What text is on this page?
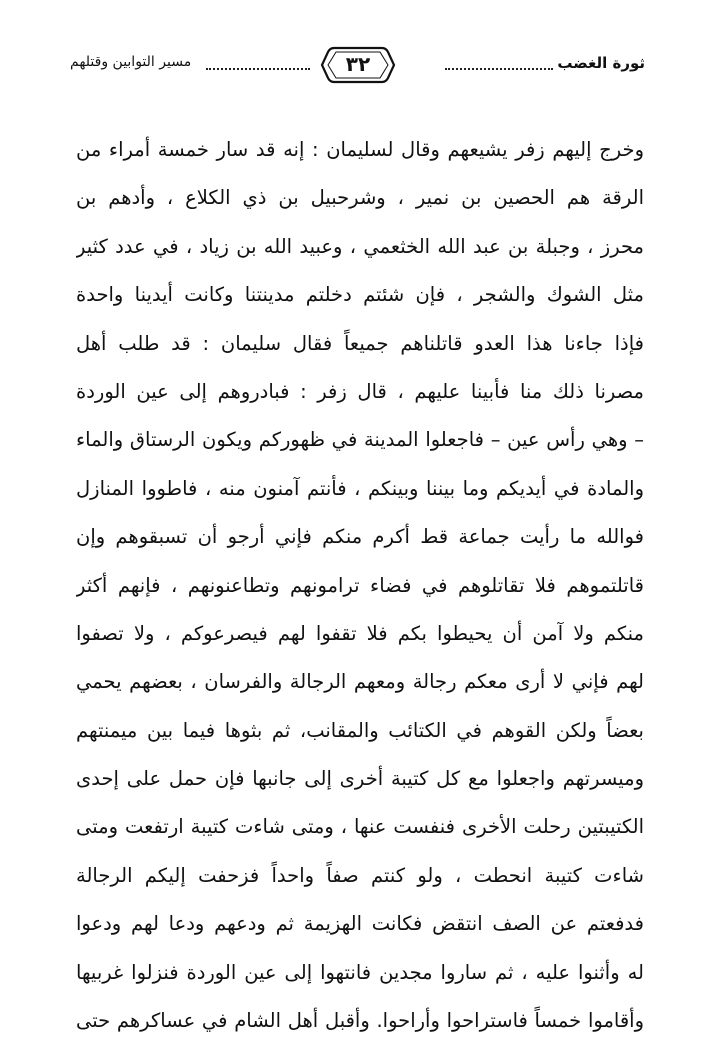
ثورة الغضب
٣٢
مسير التوابين وقتلهم
وخرج إليهم زفر يشيعهم وقال لسليمان : إنه قد سار خمسة أمراء من
الرقة هم الحصين بن نمير ، وشرحبيل بن ذي الكلاع ، وأدهم بن
محرز ، وجبلة بن عبد الله الخثعمي ، وعبيد الله بن زياد ، في عدد كثير
مثل الشوك والشجر ، فإن شئتم دخلتم مدينتنا وكانت أيدينا واحدة
فإذا جاءنا هذا العدو قاتلناهم جميعاً فقال سليمان : قد طلب أهل
مصرنا ذلك منا فأبينا عليهم ، قال زفر : فبادروهم إلى عين الوردة
– وهي رأس عين – فاجعلوا المدينة في ظهوركم ويكون الرستاق والماء
والمادة في أيديكم وما بيننا وبينكم ، فأنتم آمنون منه ، فاطووا المنازل
فوالله ما رأيت جماعة قط أكرم منكم فإني أرجو أن تسبقوهم وإن
قاتلتموهم فلا تقاتلوهم في فضاء ترامونهم وتطاعنونهم ، فإنهم أكثر
منكم ولا آمن أن يحيطوا بكم فلا تقفوا لهم فيصرعوكم ، ولا تصفوا
لهم فإني لا أرى معكم رجالة ومعهم الرجالة والفرسان ، بعضهم يحمي
بعضاً ولكن القوهم في الكتائب والمقانب، ثم بثوها فيما بين ميمنتهم
وميسرتهم واجعلوا مع كل كتيبة أخرى إلى جانبها فإن حمل على إحدى
الكتيبتين رحلت الأخرى فنفست عنها ، ومتى شاءت كتيبة ارتفعت ومتى
شاءت كتيبة انحطت ، ولو كنتم صفاً واحداً فزحفت إليكم الرجالة
فدفعتم عن الصف انتقض فكانت الهزيمة ثم ودعهم ودعا لهم ودعوا
له وأثنوا عليه ، ثم ساروا مجدين فانتهوا إلى عين الوردة فنزلوا غربيها
وأقاموا خمساً فاستراحوا وأراحوا. وأقبل أهل الشام في عساكرهم حتى
